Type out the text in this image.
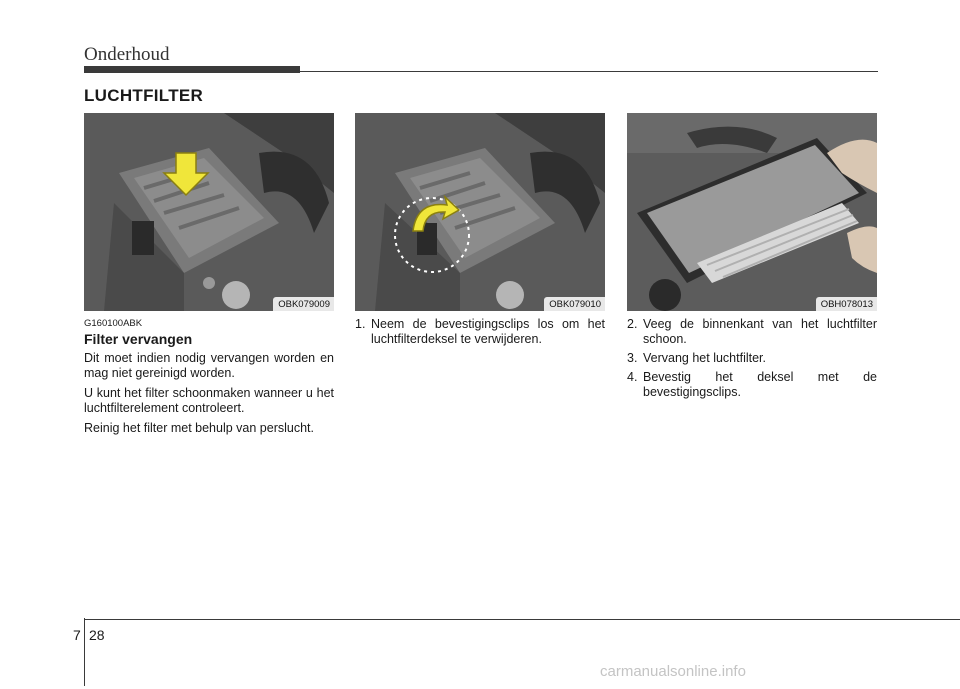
Onderhoud
LUCHTFILTER
OBK079009	OBK079010	OBH078013
G160100ABK
Filter vervangen

Dit moet indien nodig vervangen worden en mag niet gereinigd worden.

U kunt het filter schoonmaken wanneer u het luchtfilterelement controleert.

Reinig het filter met behulp van perslucht.

1. Neem de bevestigingsclips los om het luchtfilterdeksel te verwijderen.
2. Veeg de binnenkant van het luchtfilter schoon.
3. Vervang het luchtfilter.
4. Bevestig het deksel met de bevestigingsclips.
7 28
carmanualsonline.info
